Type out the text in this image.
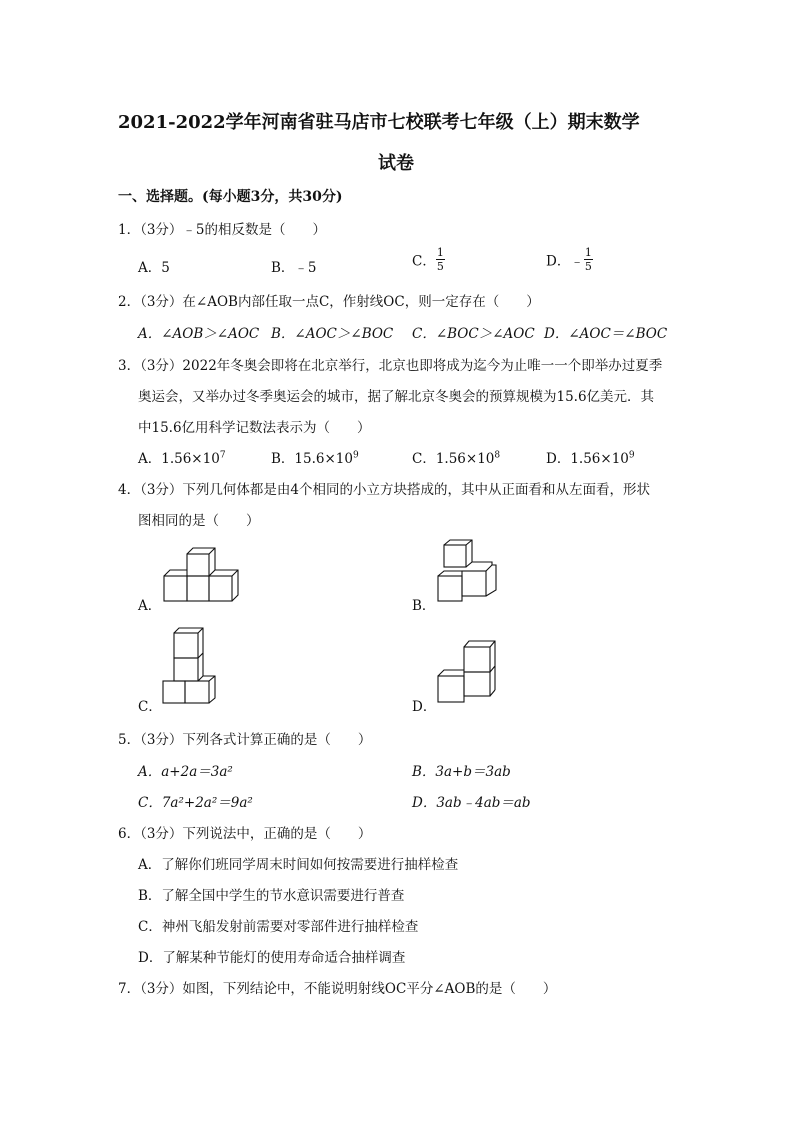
2021-2022学年河南省驻马店市七校联考七年级（上）期末数学
试卷
一、选择题。(每小题3分，共30分)
1．（3分）﹣5的相反数是（　　）
A．5	B．﹣5	C． $\frac{1}{5}$	D．﹣ $\frac{1}{5}$
2．（3分）在∠AOB内部任取一点C，作射线OC，则一定存在（　　）
A．∠AOB＞∠AOC B．∠AOC＞∠BOC C．∠BOC＞∠AOC D．∠AOC＝∠BOC
3．（3分）2022年冬奥会即将在北京举行，北京也即将成为迄今为止唯一一个即举办过夏季
奥运会，又举办过冬季奥运会的城市，据了解北京冬奥会的预算规模为15.6亿美元．其
中15.6亿用科学记数法表示为（　　）
A．$1.56\times 10^7$	B．$15.6\times 10^9$	C．$1.56\times 10^8$	D．$1.56\times 10^9$
4．（3分）下列几何体都是由4个相同的小立方块搭成的，其中从正面看和从左面看，形状
图相同的是（　　）
A．	B．
C．	D．
5．（3分）下列各式计算正确的是（　　）
A．a+2a＝3a²	B．3a+b＝3ab
C．7a²+2a²＝9a²	D．3ab﹣4ab＝ab
6．（3分）下列说法中，正确的是（　　）
A．了解你们班同学周末时间如何按需要进行抽样检查
B．了解全国中学生的节水意识需要进行普查
C．神州飞船发射前需要对零部件进行抽样检查
D．了解某种节能灯的使用寿命适合抽样调查
7．（3分）如图，下列结论中，不能说明射线OC平分∠AOB的是（　　）
